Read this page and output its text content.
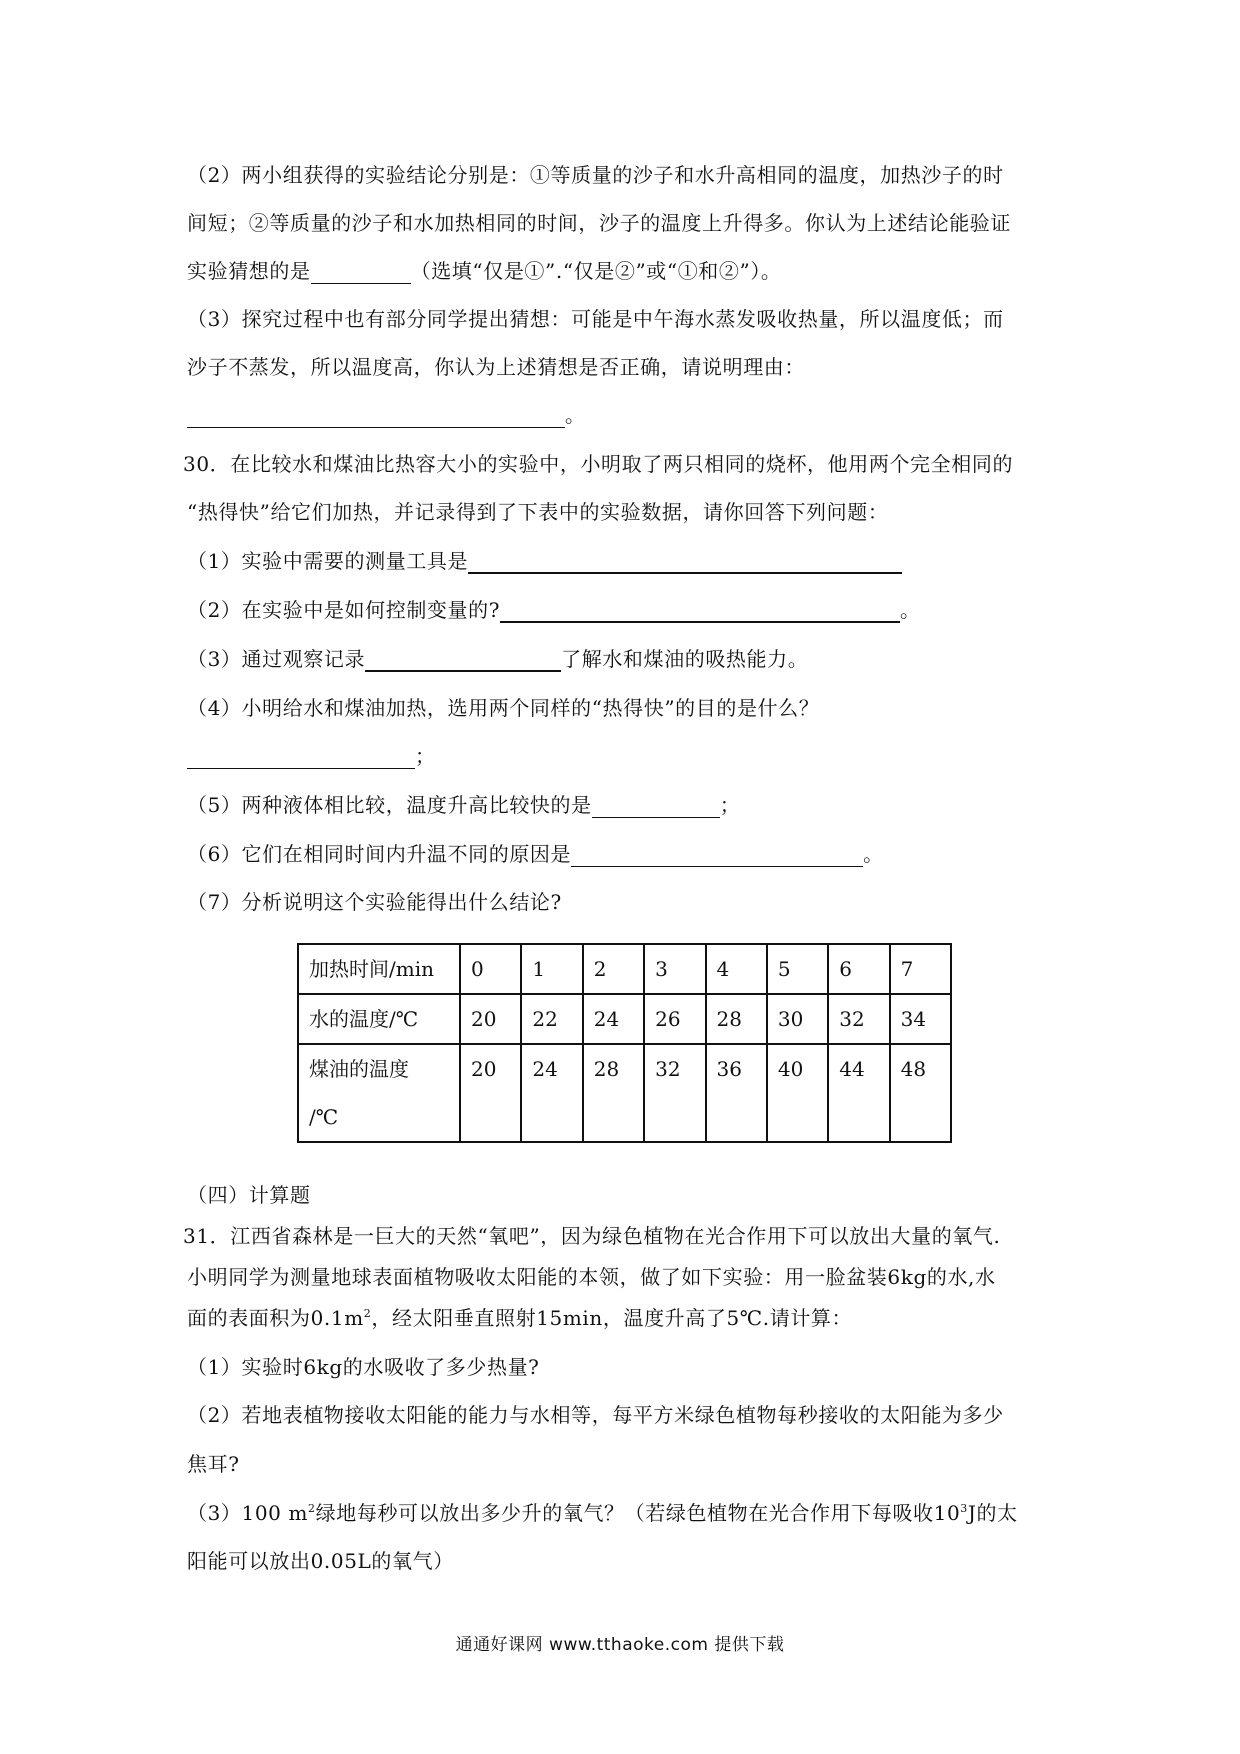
（2）两小组获得的实验结论分别是：①等质量的沙子和水升高相同的温度，加热沙子的时
间短；②等质量的沙子和水加热相同的时间，沙子的温度上升得多。你认为上述结论能验证
实验猜想的是	（选填“仅是①”.“仅是②”或“①和②”）。
（3）探究过程中也有部分同学提出猜想：可能是中午海水蒸发吸收热量，所以温度低；而
沙子不蒸发，所以温度高，你认为上述猜想是否正确，请说明理由：
。
30．在比较水和煤油比热容大小的实验中，小明取了两只相同的烧杯，他用两个完全相同的
“热得快”给它们加热，并记录得到了下表中的实验数据，请你回答下列问题：
（1）实验中需要的测量工具是
（2）在实验中是如何控制变量的?	。
（3）通过观察记录	了解水和煤油的吸热能力。
（4）小明给水和煤油加热，选用两个同样的“热得快”的目的是什么？
；
（5）两种液体相比较，温度升高比较快的是	；
（6）它们在相同时间内升温不同的原因是	。
（7）分析说明这个实验能得出什么结论?
加热时间/min	0	1	2	3	4	5	6	7
水的温度/℃	20	22	24	26	28	30	32	34
煤油的温度
/℃	20	24	28	32	36	40	44	48
（四）计算题
31．江西省森林是一巨大的天然“氧吧”，因为绿色植物在光合作用下可以放出大量的氧气.
小明同学为测量地球表面植物吸收太阳能的本领，做了如下实验：用一脸盆装6kg的水,水
面的表面积为$0.1m^2$，经太阳垂直照射15min，温度升高了5℃.请计算：
（1）实验时6kg的水吸收了多少热量?
（2）若地表植物接收太阳能的能力与水相等，每平方米绿色植物每秒接收的太阳能为多少
焦耳?
（3）100 $m^2$绿地每秒可以放出多少升的氧气？（若绿色植物在光合作用下每吸收$10^3J$的太
阳能可以放出0.05L的氧气）
通通好课网 www.tthaoke.com 提供下载
